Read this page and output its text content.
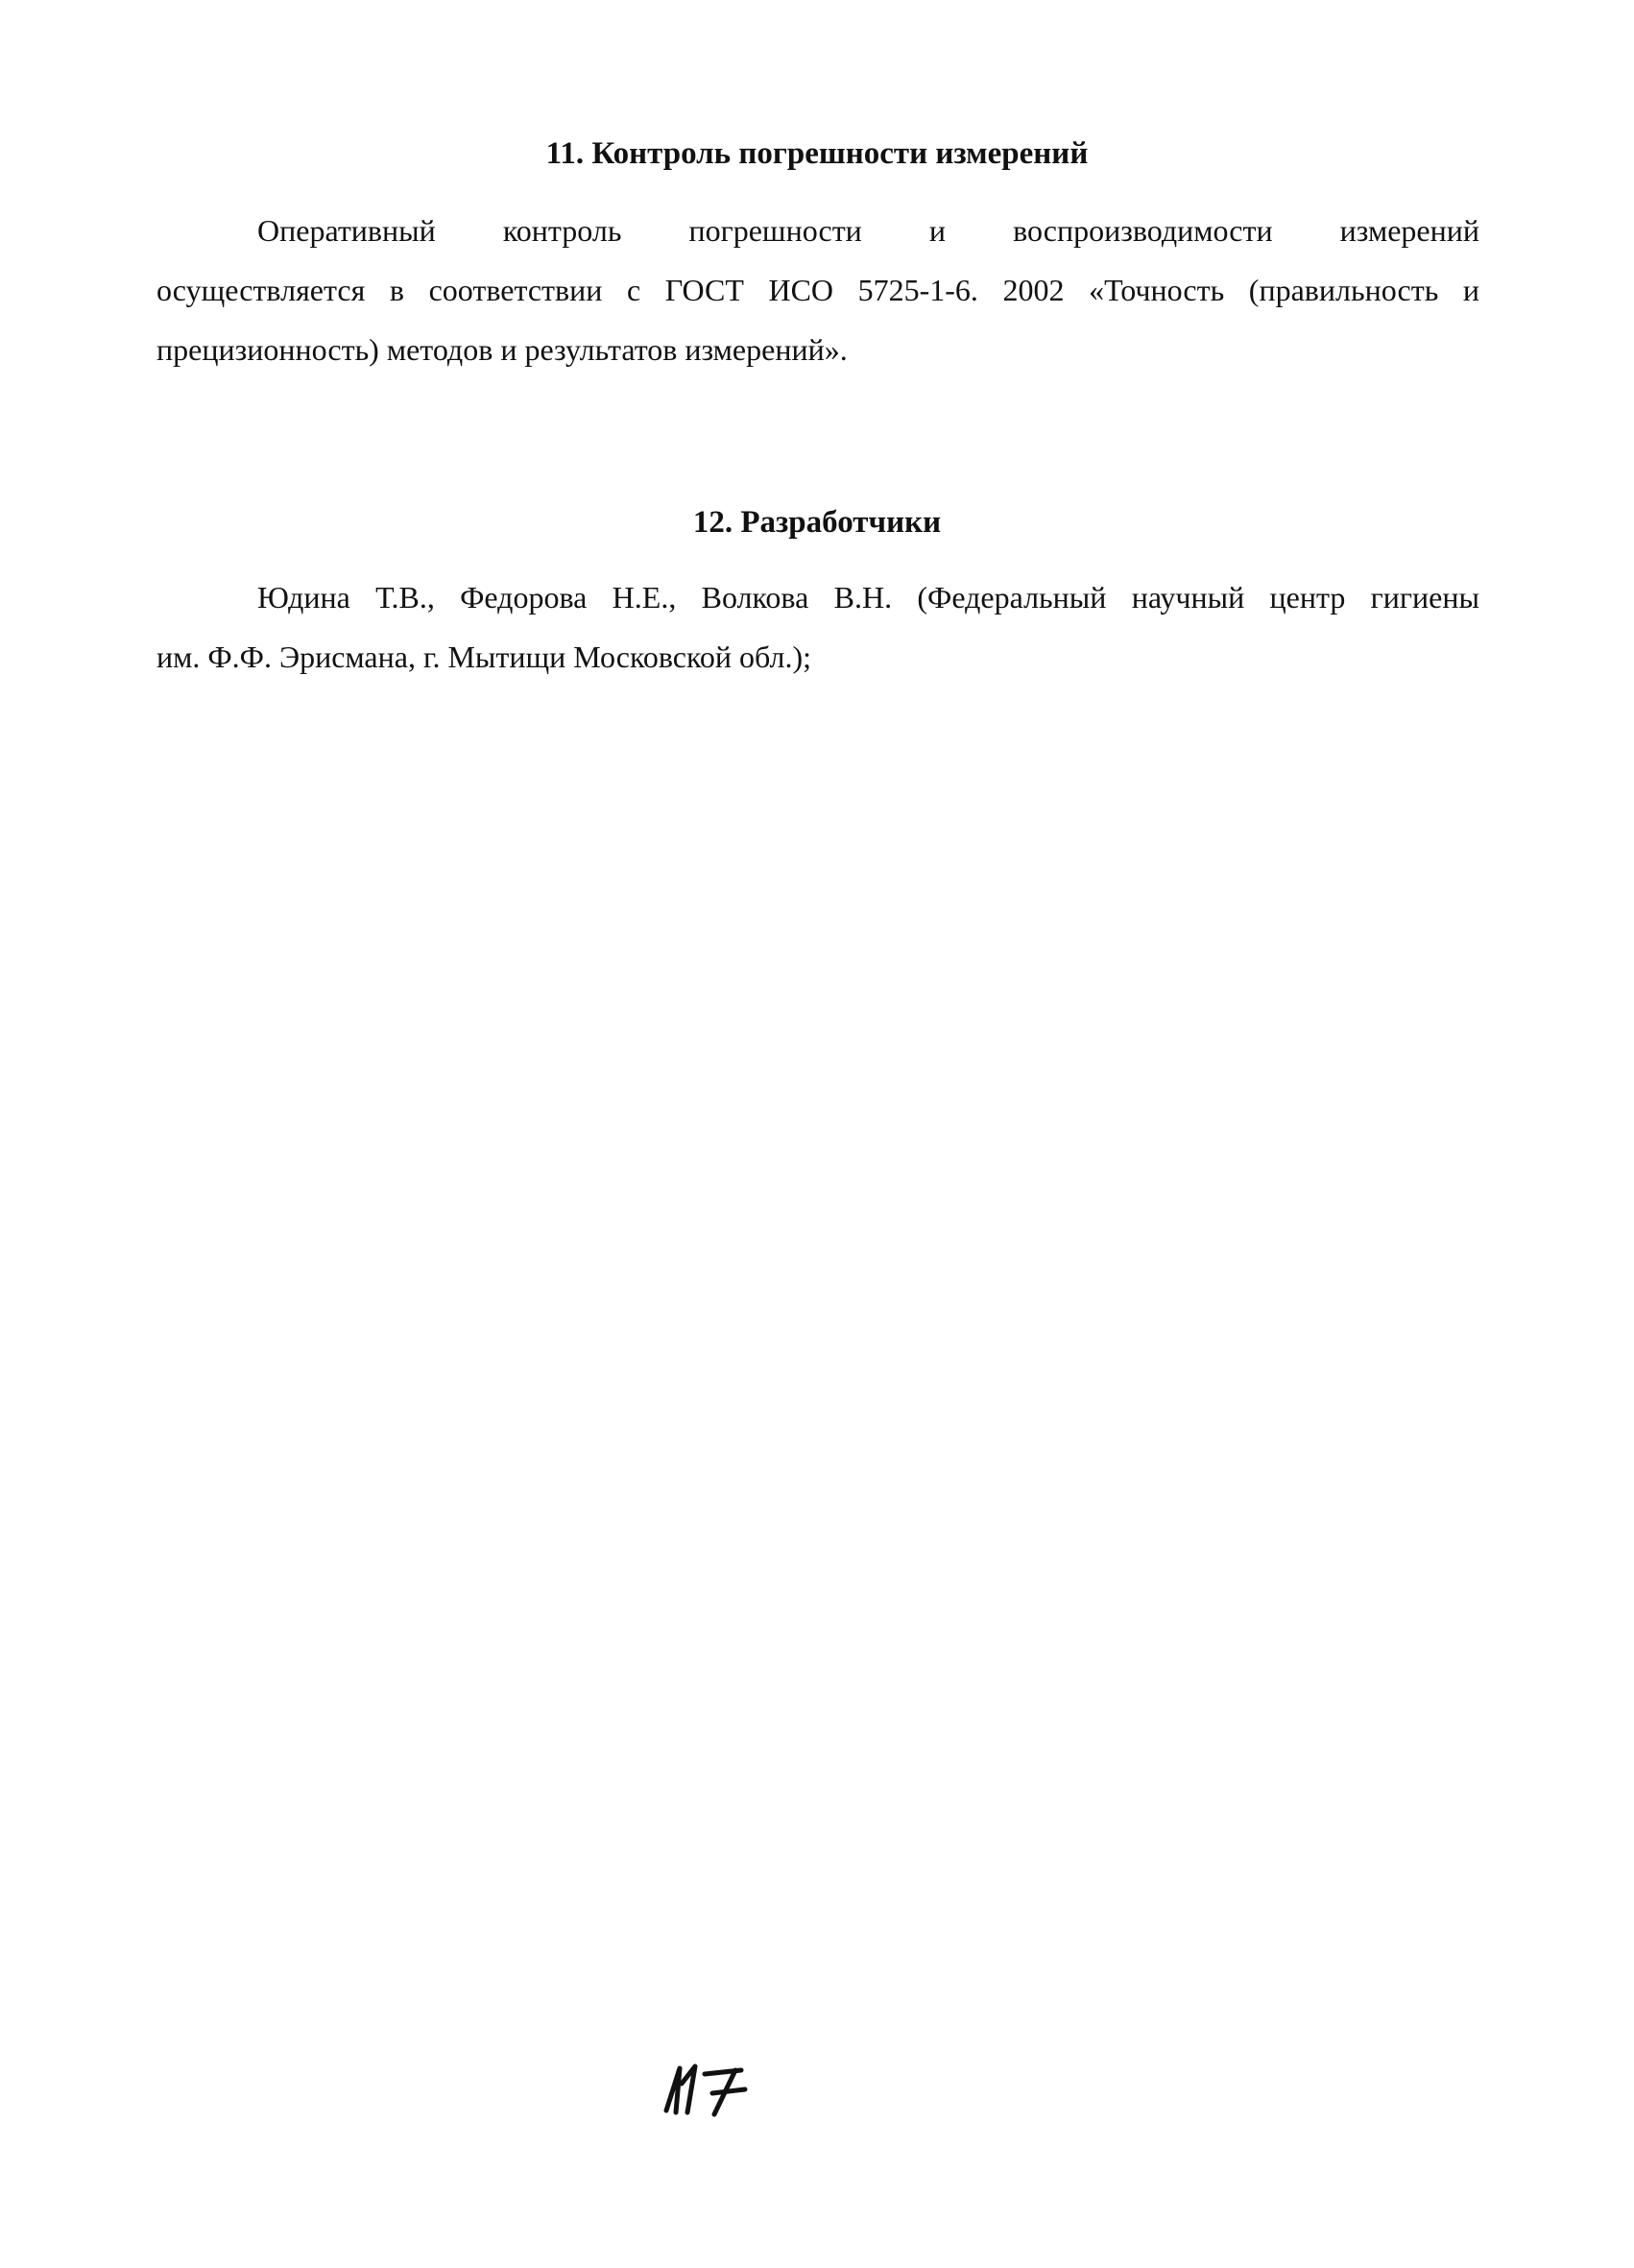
11. Контроль погрешности измерений
Оперативный контроль погрешности и воспроизводимости измерений
осуществляется в соответствии с ГОСТ ИСО 5725-1-6. 2002 «Точность (правильность и
прецизионность) методов и результатов измерений».
12. Разработчики
Юдина Т.В., Федорова Н.Е., Волкова В.Н. (Федеральный научный центр гигиены
им. Ф.Ф. Эрисмана, г. Мытищи Московской обл.);
